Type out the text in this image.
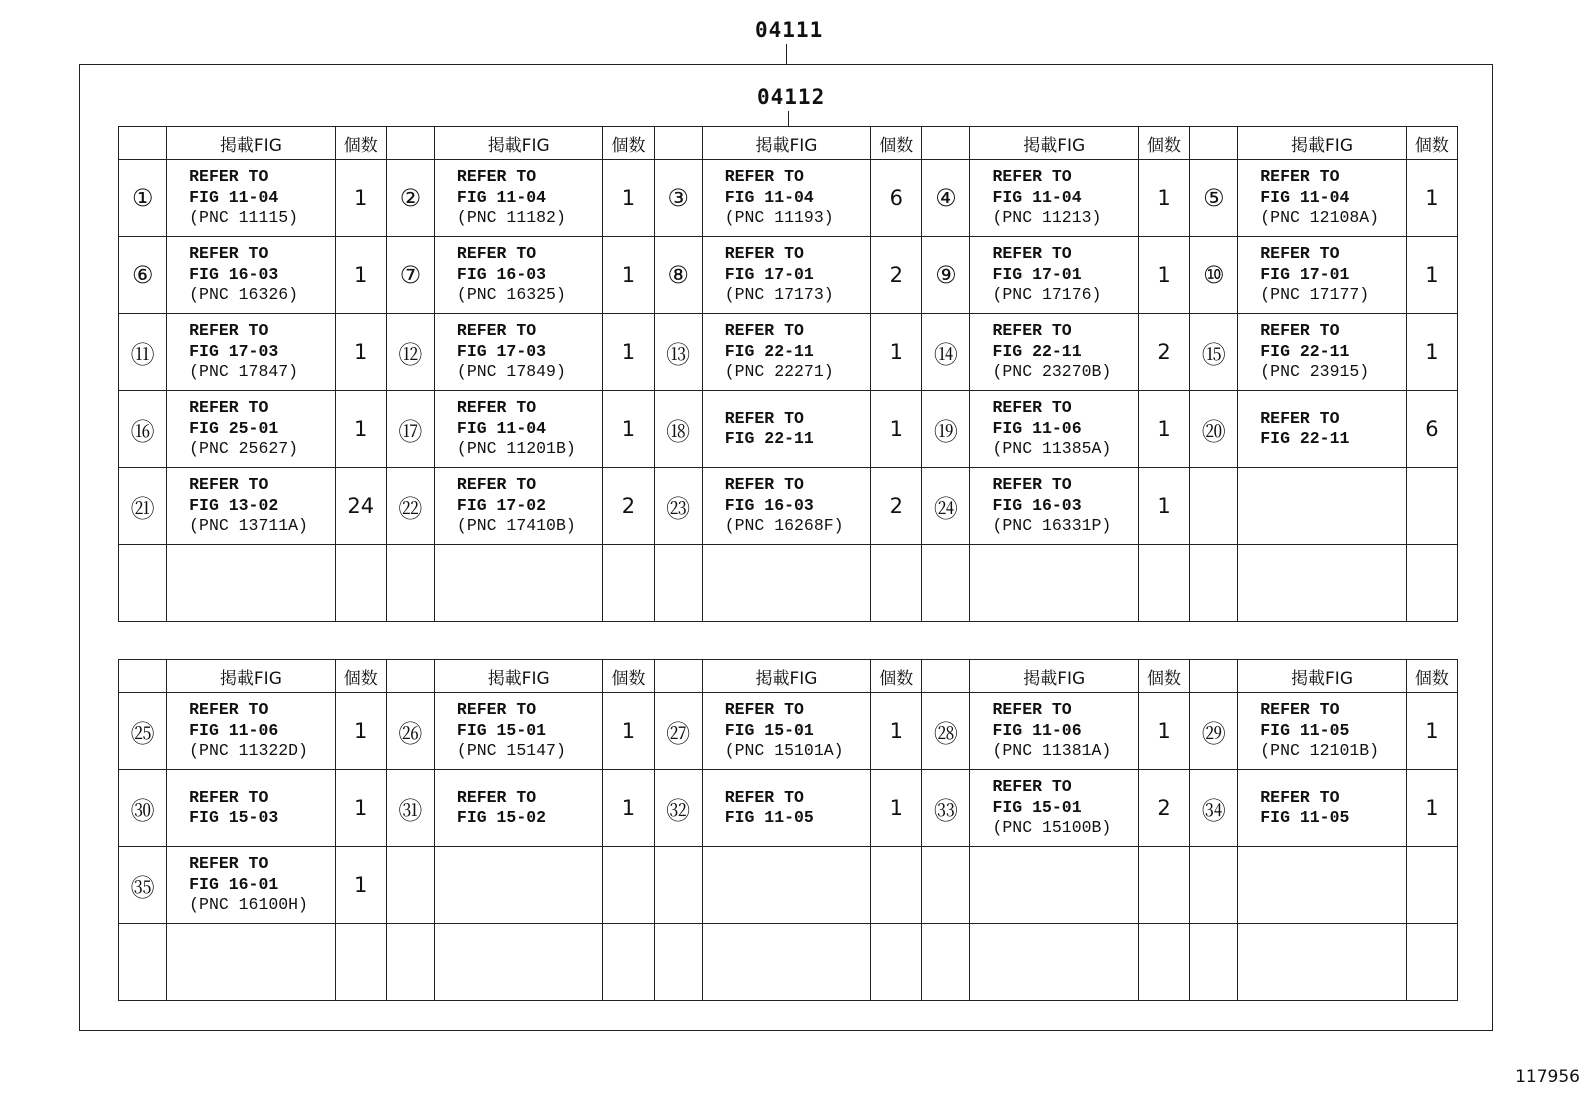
04111
04112
	掲載FIG	個数		掲載FIG	個数		掲載FIG	個数		掲載FIG	個数		掲載FIG	個数
①	REFER TO
FIG 11-04
(PNC 11115)	1	②	REFER TO
FIG 11-04
(PNC 11182)	1	③	REFER TO
FIG 11-04
(PNC 11193)	6	④	REFER TO
FIG 11-04
(PNC 11213)	1	⑤	REFER TO
FIG 11-04
(PNC 12108A)	1
⑥	REFER TO
FIG 16-03
(PNC 16326)	1	⑦	REFER TO
FIG 16-03
(PNC 16325)	1	⑧	REFER TO
FIG 17-01
(PNC 17173)	2	⑨	REFER TO
FIG 17-01
(PNC 17176)	1	⑩	REFER TO
FIG 17-01
(PNC 17177)	1
⑪	REFER TO
FIG 17-03
(PNC 17847)	1	⑫	REFER TO
FIG 17-03
(PNC 17849)	1	⑬	REFER TO
FIG 22-11
(PNC 22271)	1	⑭	REFER TO
FIG 22-11
(PNC 23270B)	2	⑮	REFER TO
FIG 22-11
(PNC 23915)	1
⑯	REFER TO
FIG 25-01
(PNC 25627)	1	⑰	REFER TO
FIG 11-04
(PNC 11201B)	1	⑱	REFER TO
FIG 22-11	1	⑲	REFER TO
FIG 11-06
(PNC 11385A)	1	⑳	REFER TO
FIG 22-11	6
㉑	REFER TO
FIG 13-02
(PNC 13711A)	24	㉒	REFER TO
FIG 17-02
(PNC 17410B)	2	㉓	REFER TO
FIG 16-03
(PNC 16268F)	2	㉔	REFER TO
FIG 16-03
(PNC 16331P)	1		

	掲載FIG	個数		掲載FIG	個数		掲載FIG	個数		掲載FIG	個数		掲載FIG	個数
㉕	REFER TO
FIG 11-06
(PNC 11322D)	1	㉖	REFER TO
FIG 15-01
(PNC 15147)	1	㉗	REFER TO
FIG 15-01
(PNC 15101A)	1	㉘	REFER TO
FIG 11-06
(PNC 11381A)	1	㉙	REFER TO
FIG 11-05
(PNC 12101B)	1
㉚	REFER TO
FIG 15-03	1	㉛	REFER TO
FIG 15-02	1	㉜	REFER TO
FIG 11-05	1	㉝	REFER TO
FIG 15-01
(PNC 15100B)	2	㉞	REFER TO
FIG 11-05	1
㉟	REFER TO
FIG 16-01
(PNC 16100H)	1		

117956
